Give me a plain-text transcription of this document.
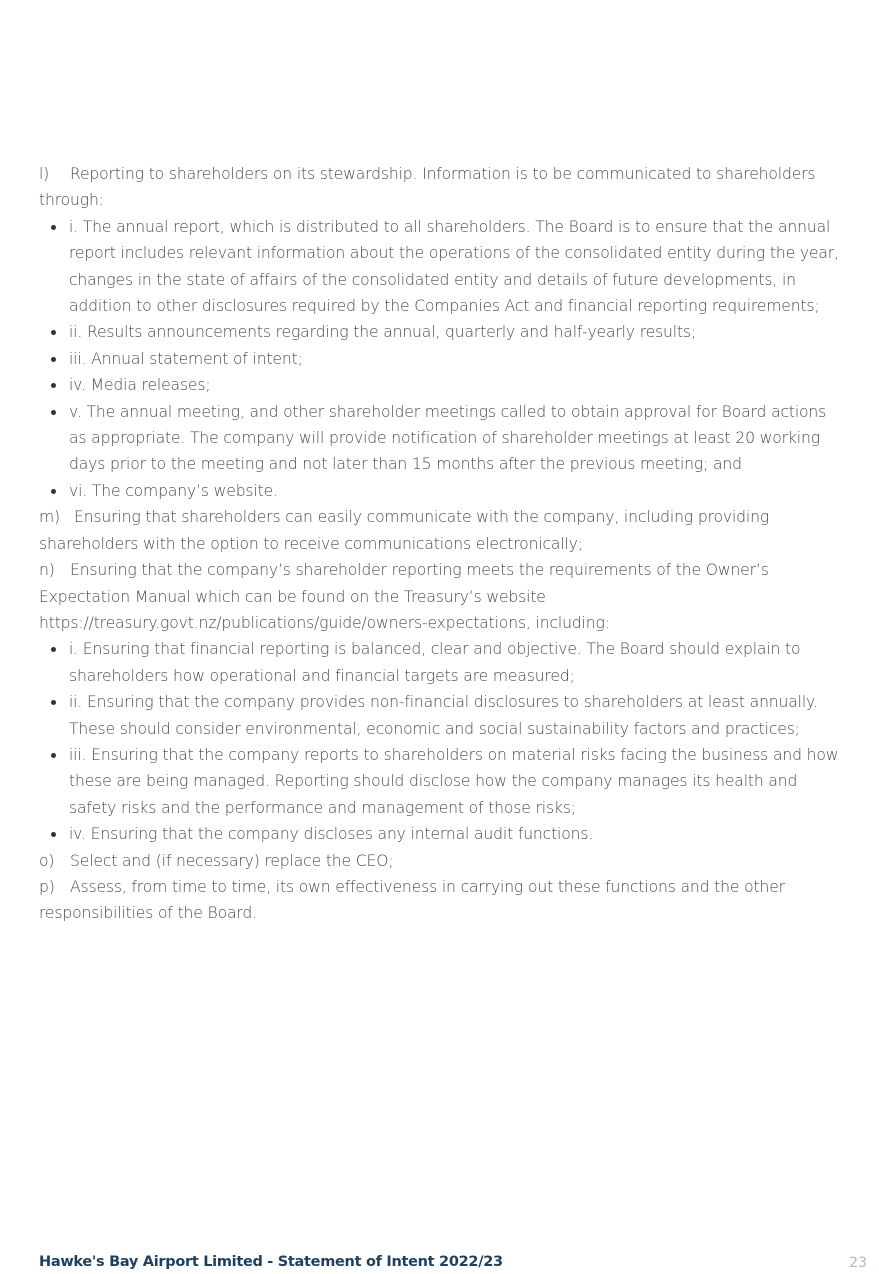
l) Reporting to shareholders on its stewardship. Information is to be communicated to shareholders through:

i. The annual report, which is distributed to all shareholders. The Board is to ensure that the annual report includes relevant information about the operations of the consolidated entity during the year, changes in the state of affairs of the consolidated entity and details of future developments, in addition to other disclosures required by the Companies Act and financial reporting requirements;
ii. Results announcements regarding the annual, quarterly and half-yearly results;
iii. Annual statement of intent;
iv. Media releases;
v. The annual meeting, and other shareholder meetings called to obtain approval for Board actions as appropriate. The company will provide notification of shareholder meetings at least 20 working days prior to the meeting and not later than 15 months after the previous meeting; and
vi. The company’s website.

m) Ensuring that shareholders can easily communicate with the company, including providing shareholders with the option to receive communications electronically;

n) Ensuring that the company’s shareholder reporting meets the requirements of the Owner’s Expectation Manual which can be found on the Treasury’s website https://treasury.govt.nz/publications/guide/owners-expectations, including:

i. Ensuring that financial reporting is balanced, clear and objective. The Board should explain to shareholders how operational and financial targets are measured;
ii. Ensuring that the company provides non-financial disclosures to shareholders at least annually. These should consider environmental, economic and social sustainability factors and practices;
iii. Ensuring that the company reports to shareholders on material risks facing the business and how these are being managed. Reporting should disclose how the company manages its health and safety risks and the performance and management of those risks;
iv. Ensuring that the company discloses any internal audit functions.

o) Select and (if necessary) replace the CEO;

p) Assess, from time to time, its own effectiveness in carrying out these functions and the other responsibilities of the Board.

Hawke's Bay Airport Limited - Statement of Intent 2022/23	23
